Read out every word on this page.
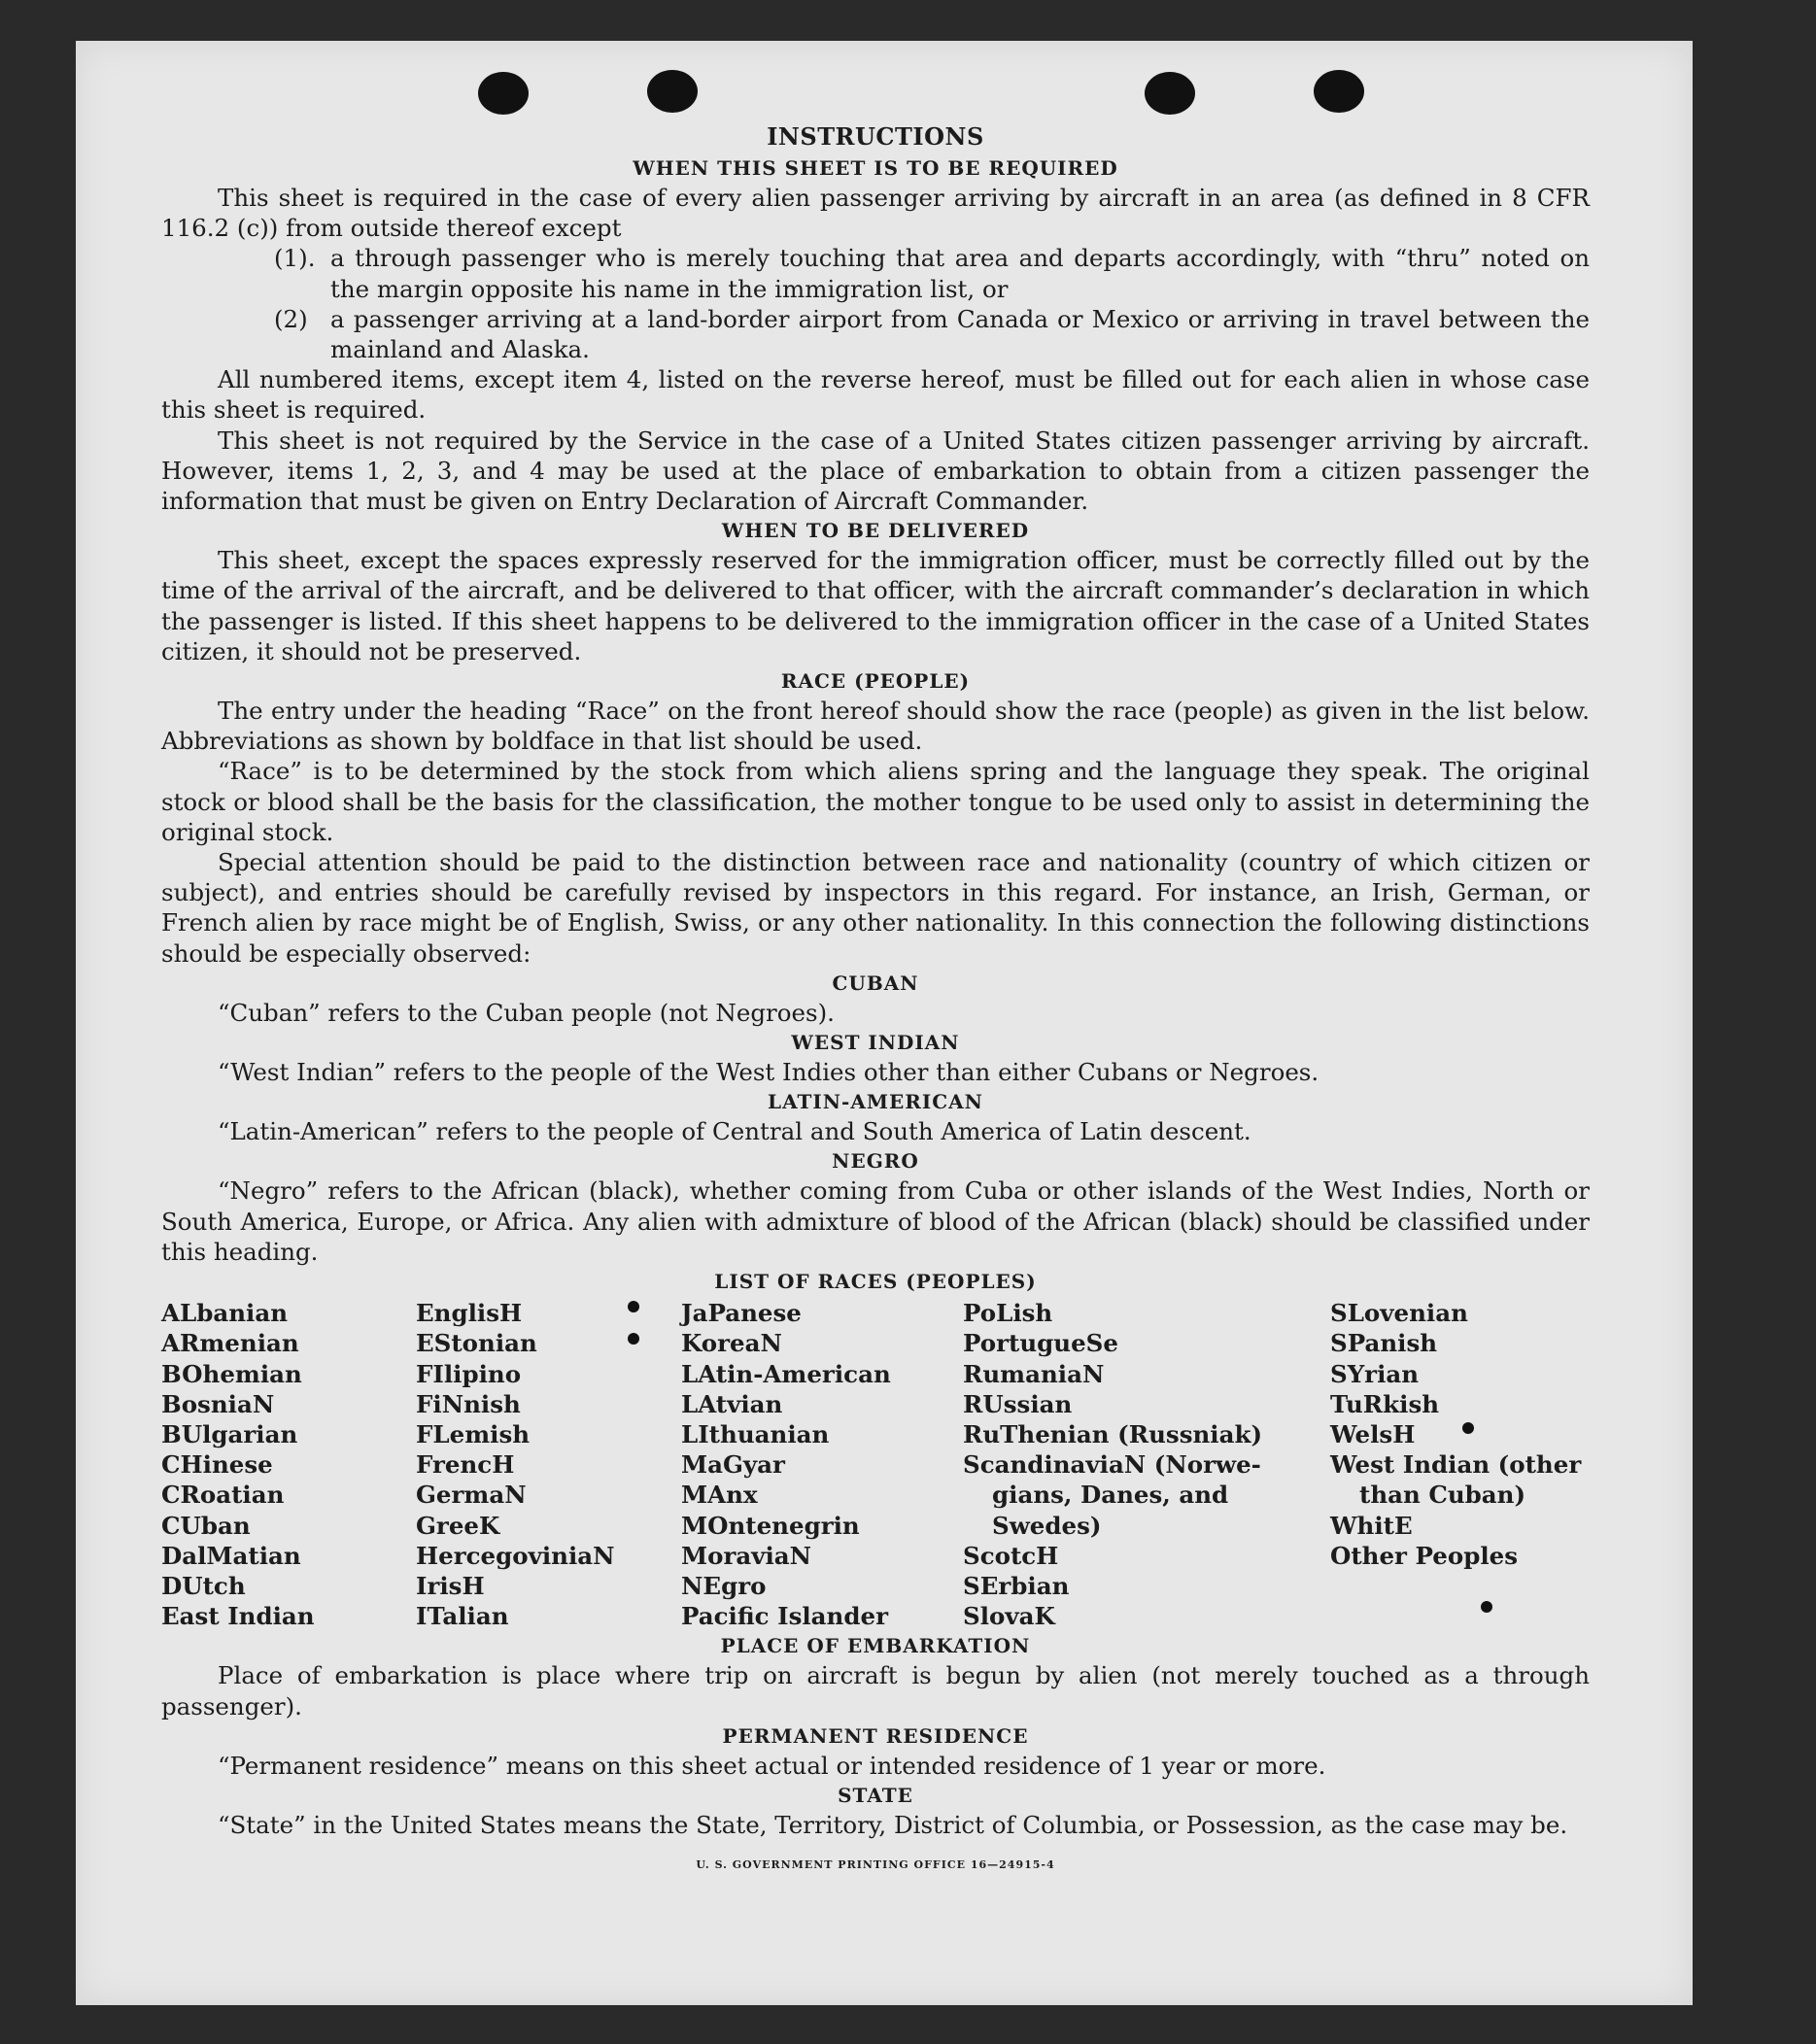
INSTRUCTIONS
WHEN THIS SHEET IS TO BE REQUIRED

This sheet is required in the case of every alien passenger arriving by aircraft in an area (as defined in 8 CFR 116.2 (c)) from outside thereof except

(1). a through passenger who is merely touching that area and departs accordingly, with “thru” noted on the margin opposite his name in the immigration list, or
(2) a passenger arriving at a land-border airport from Canada or Mexico or arriving in travel between the mainland and Alaska.

All numbered items, except item 4, listed on the reverse hereof, must be filled out for each alien in whose case this sheet is required.

This sheet is not required by the Service in the case of a United States citizen passenger arriving by aircraft. However, items 1, 2, 3, and 4 may be used at the place of embarkation to obtain from a citizen passenger the information that must be given on Entry Declaration of Aircraft Commander.

WHEN TO BE DELIVERED

This sheet, except the spaces expressly reserved for the immigration officer, must be correctly filled out by the time of the arrival of the aircraft, and be delivered to that officer, with the aircraft commander’s declaration in which the passenger is listed. If this sheet happens to be delivered to the immigration officer in the case of a United States citizen, it should not be preserved.

RACE (PEOPLE)

The entry under the heading “Race” on the front hereof should show the race (people) as given in the list below. Abbreviations as shown by boldface in that list should be used.

“Race” is to be determined by the stock from which aliens spring and the language they speak. The original stock or blood shall be the basis for the classification, the mother tongue to be used only to assist in determining the original stock.

Special attention should be paid to the distinction between race and nationality (country of which citizen or subject), and entries should be carefully revised by inspectors in this regard. For instance, an Irish, German, or French alien by race might be of English, Swiss, or any other nationality. In this connection the following distinctions should be especially observed:

CUBAN

“Cuban” refers to the Cuban people (not Negroes).

WEST INDIAN

“West Indian” refers to the people of the West Indies other than either Cubans or Negroes.

LATIN-AMERICAN

“Latin-American” refers to the people of Central and South America of Latin descent.

NEGRO

“Negro” refers to the African (black), whether coming from Cuba or other islands of the West Indies, North or South America, Europe, or Africa. Any alien with admixture of blood of the African (black) should be classified under this heading.

LIST OF RACES (PEOPLES)
ALbanian
ARmenian
BOhemian
BosniaN
BUlgarian
CHinese
CRoatian
CUban
DalMatian
DUtch
East Indian
EnglisH
EStonian
FIlipino
FiNnish
FLemish
FrencH
GermaN
GreeK
HercegoviniaN
IrisH
ITalian
JaPanese
KoreaN
LAtin-American
LAtvian
LIthuanian
MaGyar
MAnx
MOntenegrin
MoraviaN
NEgro
Pacific Islander
PoLish
PortugueSe
RumaniaN
RUssian
RuThenian (Russniak)
ScandinaviaN (Norwe-
gians, Danes, and
Swedes)
ScotcH
SErbian
SlovaK
SLovenian
SPanish
SYrian
TuRkish
WelsH
West Indian (other
than Cuban)
WhitE
Other Peoples
PLACE OF EMBARKATION

Place of embarkation is place where trip on aircraft is begun by alien (not merely touched as a through passenger).

PERMANENT RESIDENCE

“Permanent residence” means on this sheet actual or intended residence of 1 year or more.

STATE

“State” in the United States means the State, Territory, District of Columbia, or Possession, as the case may be.

U. S. GOVERNMENT PRINTING OFFICE 16—24915-4
